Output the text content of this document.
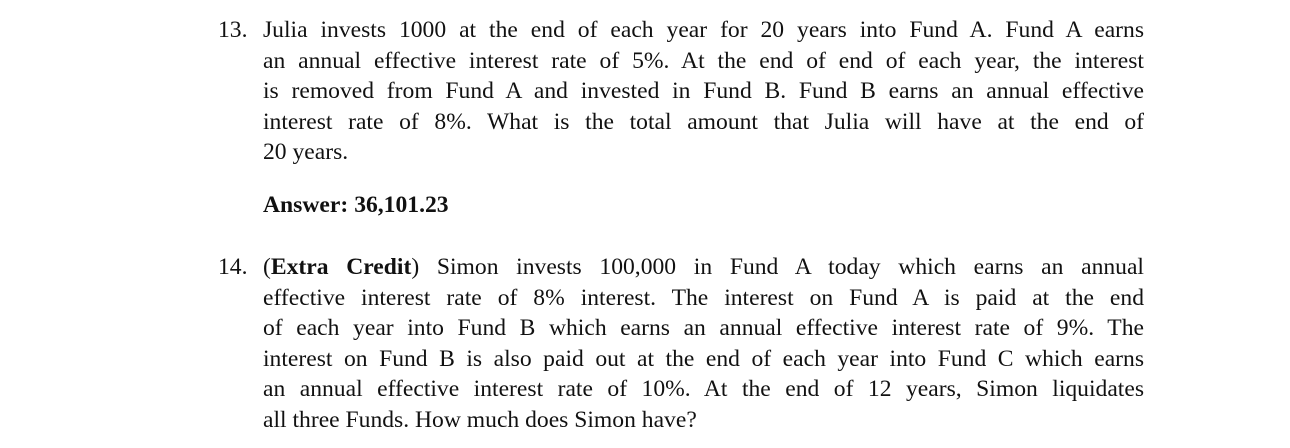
13. Julia invests 1000 at the end of each year for 20 years into Fund A. Fund A earns
an annual effective interest rate of 5%. At the end of end of each year, the interest
is removed from Fund A and invested in Fund B. Fund B earns an annual effective
interest rate of 8%. What is the total amount that Julia will have at the end of
20 years.
Answer: 36,101.23
14. (Extra Credit) Simon invests 100,000 in Fund A today which earns an annual
effective interest rate of 8% interest. The interest on Fund A is paid at the end
of each year into Fund B which earns an annual effective interest rate of 9%. The
interest on Fund B is also paid out at the end of each year into Fund C which earns
an annual effective interest rate of 10%. At the end of 12 years, Simon liquidates
all three Funds. How much does Simon have?
